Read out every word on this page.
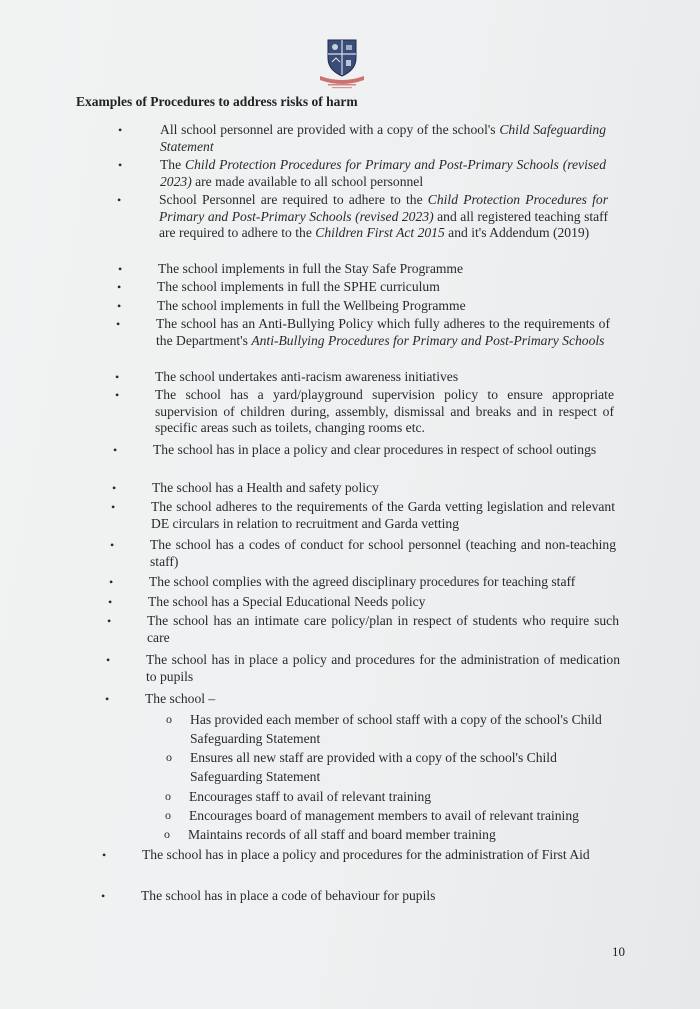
Examples of Procedures to address risks of harm
•	All school personnel are provided with a copy of the school's Child Safeguarding Statement
•	The Child Protection Procedures for Primary and Post-Primary Schools (revised 2023) are made available to all school personnel
•	School Personnel are required to adhere to the Child Protection Procedures for Primary and Post-Primary Schools (revised 2023) and all registered teaching staff are required to adhere to the Children First Act 2015 and it's Addendum (2019)
•	The school implements in full the Stay Safe Programme
•	The school implements in full the SPHE curriculum
•	The school implements in full the Wellbeing Programme
•	The school has an Anti-Bullying Policy which fully adheres to the requirements of the Department's Anti-Bullying Procedures for Primary and Post-Primary Schools
•	The school undertakes anti-racism awareness initiatives
•	The school has a yard/playground supervision policy to ensure appropriate supervision of children during, assembly, dismissal and breaks and in respect of specific areas such as toilets, changing rooms etc.
•	The school has in place a policy and clear procedures in respect of school outings
•	The school has a Health and safety policy
•	The school adheres to the requirements of the Garda vetting legislation and relevant DE circulars in relation to recruitment and Garda vetting
•	The school has a codes of conduct for school personnel (teaching and non-teaching staff)
•	The school complies with the agreed disciplinary procedures for teaching staff
•	The school has a Special Educational Needs policy
•	The school has an intimate care policy/plan in respect of students who require such care
•	The school has in place a policy and procedures for the administration of medication to pupils
•	The school –
•	The school has in place a policy and procedures for the administration of First Aid
•	The school has in place a code of behaviour for pupils
o Has provided each member of school staff with a copy of the school's Child Safeguarding Statement
o Ensures all new staff are provided with a copy of the school's Child Safeguarding Statement
o Encourages staff to avail of relevant training
o Encourages board of management members to avail of relevant training
o Maintains records of all staff and board member training
10
